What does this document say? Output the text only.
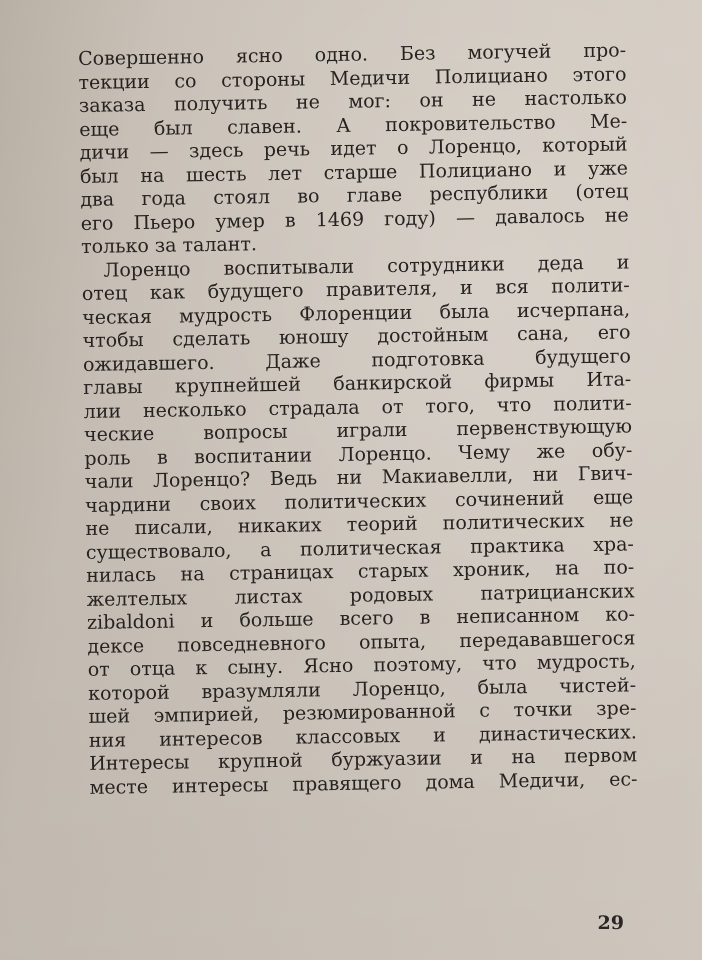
Совершенно ясно одно. Без могучей про-
текции со стороны Медичи Полициано этого
заказа получить не мог: он не настолько
еще был славен. А покровительство Ме-
дичи — здесь речь идет о Лоренцо, который
был на шесть лет старше Полициано и уже
два года стоял во главе республики (отец
его Пьеро умер в 1469 году) — давалось не
только за талант.
Лоренцо воспитывали сотрудники деда и
отец как будущего правителя, и вся полити-
ческая мудрость Флоренции была исчерпана,
чтобы сделать юношу достойным сана, его
ожидавшего.	Даже	подготовка	будущего
главы крупнейшей банкирской фирмы Ита-
лии несколько страдала от того, что полити-
ческие	вопросы	играли	первенствующую
роль в воспитании Лоренцо. Чему же обу-
чали Лоренцо? Ведь ни Макиавелли, ни Гвич-
чардини своих политических сочинений еще
не писали, никаких теорий политических не
существовало, а политическая практика хра-
нилась на страницах старых хроник, на по-
желтелых листах родовых патрицианских
zibaldoni и больше всего в неписанном ко-
дексе повседневного опыта, передававшегося
от отца к сыну. Ясно поэтому, что мудрость,
которой вразумляли Лоренцо, была чистей-
шей эмпирией, резюмированной с точки зре-
ния интересов классовых и династических.
Интересы крупной буржуазии и на первом
месте интересы правящего дома Медичи, ес-
29
